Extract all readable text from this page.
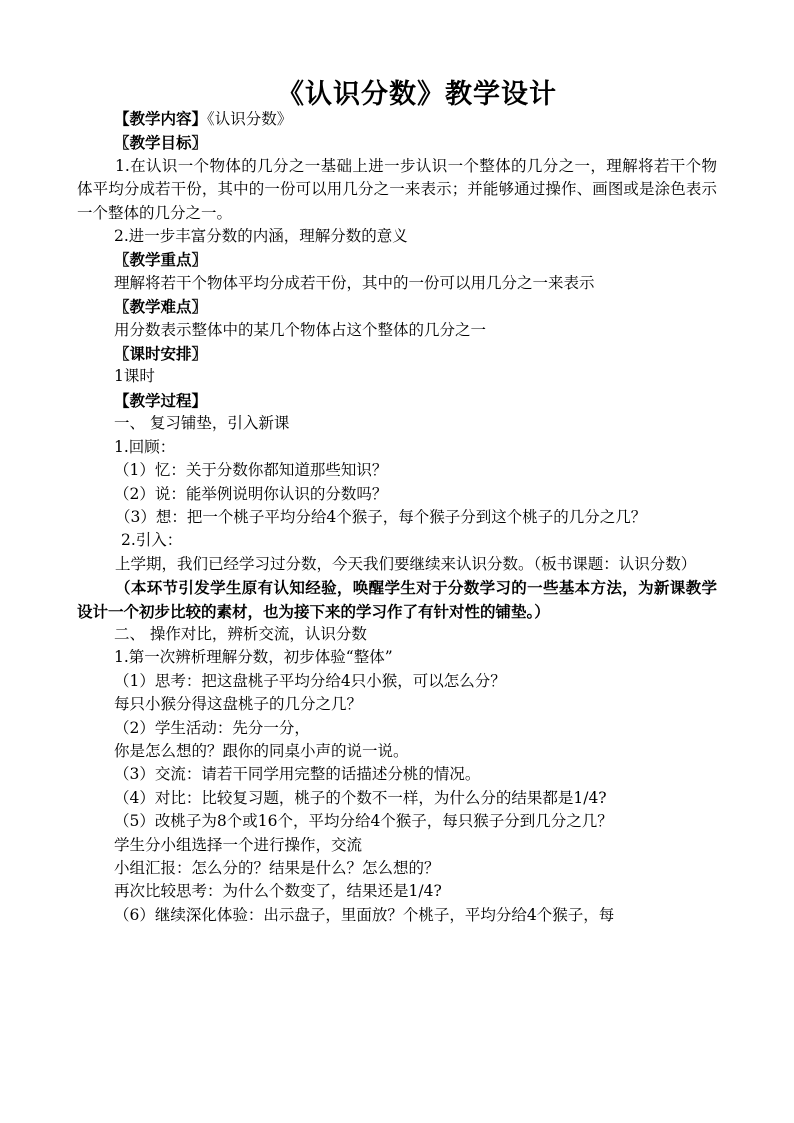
《认识分数》教学设计
【教学内容】《认识分数》
〖教学目标〗
1.在认识一个物体的几分之一基础上进一步认识一个整体的几分之一，理解将若干个物体平均分成若干份，其中的一份可以用几分之一来表示；并能够通过操作、画图或是涂色表示一个整体的几分之一。
2.进一步丰富分数的内涵，理解分数的意义
〖教学重点〗
理解将若干个物体平均分成若干份，其中的一份可以用几分之一来表示
〖教学难点〗
用分数表示整体中的某几个物体占这个整体的几分之一
〖课时安排〗
1课时
【教学过程】
一、 复习铺垫，引入新课
1.回顾：
（1）忆：关于分数你都知道那些知识？
（2）说：能举例说明你认识的分数吗？
（3）想：把一个桃子平均分给4个猴子，每个猴子分到这个桃子的几分之几？
2.引入：
上学期，我们已经学习过分数，今天我们要继续来认识分数。（板书课题：认识分数）
（本环节引发学生原有认知经验，唤醒学生对于分数学习的一些基本方法，为新课教学设计一个初步比较的素材，也为接下来的学习作了有针对性的铺垫。）
二、 操作对比，辨析交流，认识分数
1.第一次辨析理解分数，初步体验“整体”
（1）思考：把这盘桃子平均分给4只小猴，可以怎么分？
每只小猴分得这盘桃子的几分之几？
（2）学生活动：先分一分，
你是怎么想的？跟你的同桌小声的说一说。
（3）交流：请若干同学用完整的话描述分桃的情况。
（4）对比：比较复习题，桃子的个数不一样，为什么分的结果都是1/4?
（5）改桃子为8个或16个，平均分给4个猴子，每只猴子分到几分之几？
学生分小组选择一个进行操作，交流
小组汇报：怎么分的？结果是什么？怎么想的？
再次比较思考：为什么个数变了，结果还是1/4?
（6）继续深化体验：出示盘子，里面放？个桃子，平均分给4个猴子，每
